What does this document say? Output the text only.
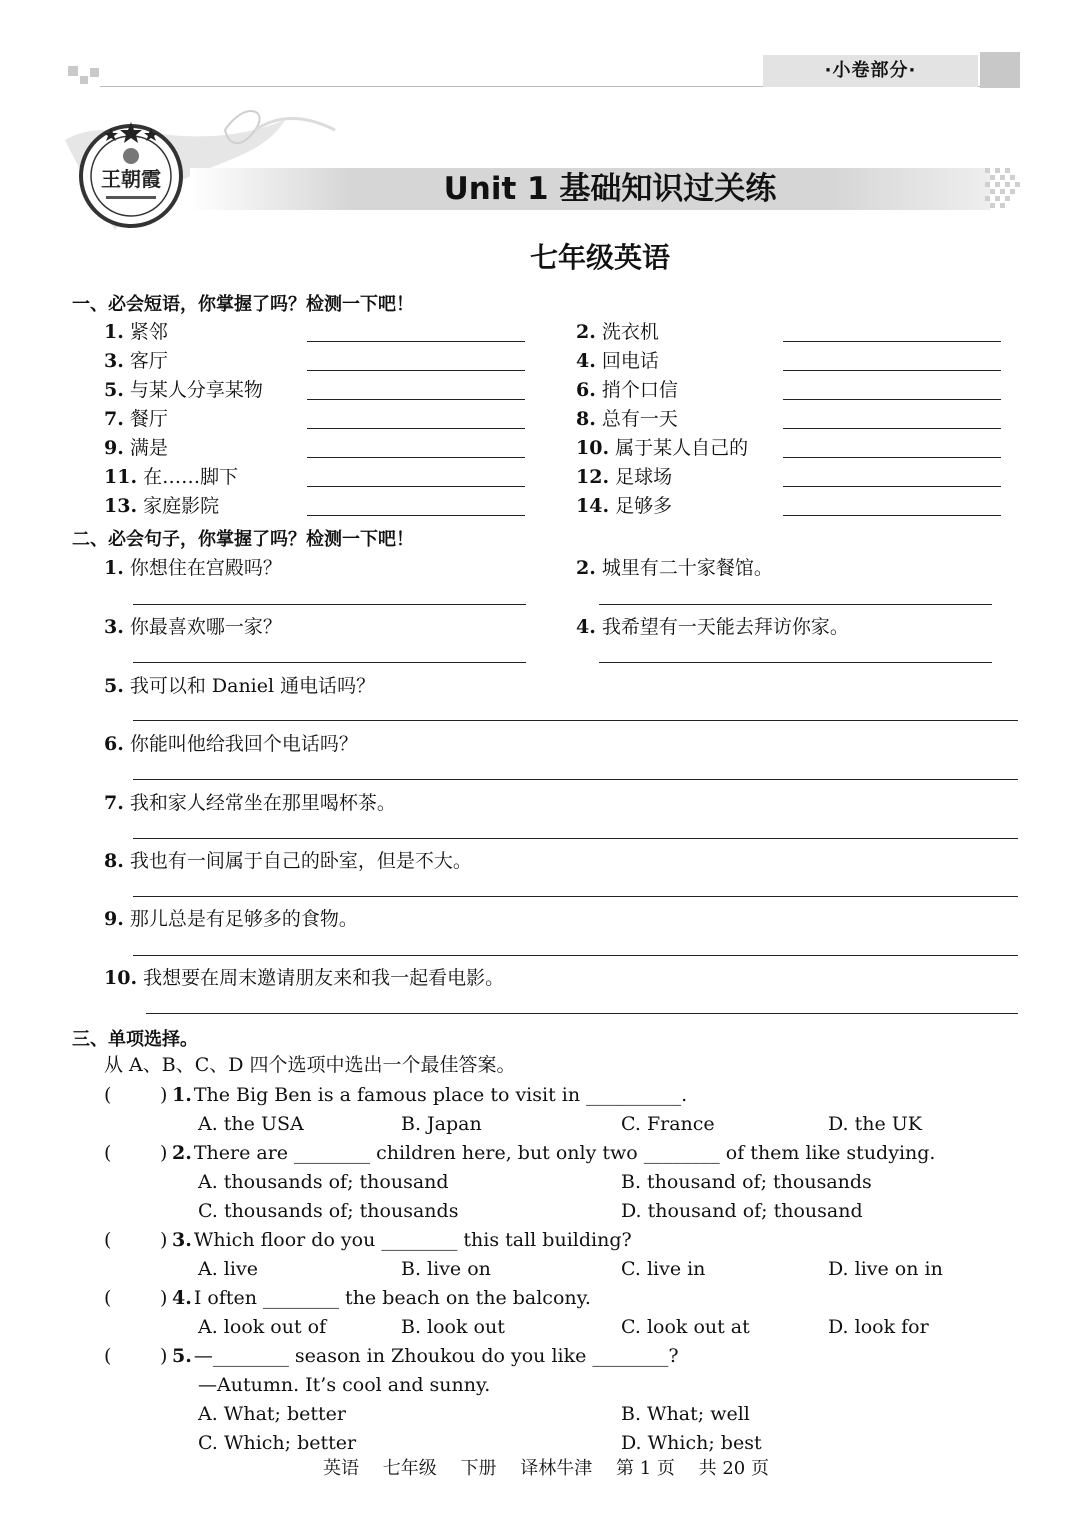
·小卷部分·
王朝霞	Unit 1 基础知识过关练
七年级英语
一、必会短语，你掌握了吗？检测一下吧！
1. 紧邻	2. 洗衣机
3. 客厅	4. 回电话
5. 与某人分享某物	6. 捎个口信
7. 餐厅	8. 总有一天
9. 满是	10. 属于某人自己的
11. 在……脚下	12. 足球场
13. 家庭影院	14. 足够多
二、必会句子，你掌握了吗？检测一下吧！
1. 你想住在宫殿吗？	2. 城里有二十家餐馆。
3. 你最喜欢哪一家？	4. 我希望有一天能去拜访你家。
5. 我可以和 Daniel 通电话吗？
6. 你能叫他给我回个电话吗？
7. 我和家人经常坐在那里喝杯茶。
8. 我也有一间属于自己的卧室，但是不大。
9. 那儿总是有足够多的食物。
10. 我想要在周末邀请朋友来和我一起看电影。
三、单项选择。
从 A、B、C、D 四个选项中选出一个最佳答案。
(	) 1. The Big Ben is a famous place to visit in __________.
A. the USA	B. Japan	C. France	D. the UK
(	) 2. There are ________ children here, but only two ________ of them like studying.
A. thousands of; thousand	B. thousand of; thousands
C. thousands of; thousands	D. thousand of; thousand
(	) 3. Which floor do you ________ this tall building?
A. live	B. live on	C. live in	D. live on in
(	) 4. I often ________ the beach on the balcony.
A. look out of	B. look out	C. look out at	D. look for
(	) 5. —________ season in Zhoukou do you like ________?
—Autumn. It’s cool and sunny.
A. What; better	B. What; well
C. Which; better	D. Which; best
英语 七年级 下册 译林牛津 第 1 页 共 20 页
